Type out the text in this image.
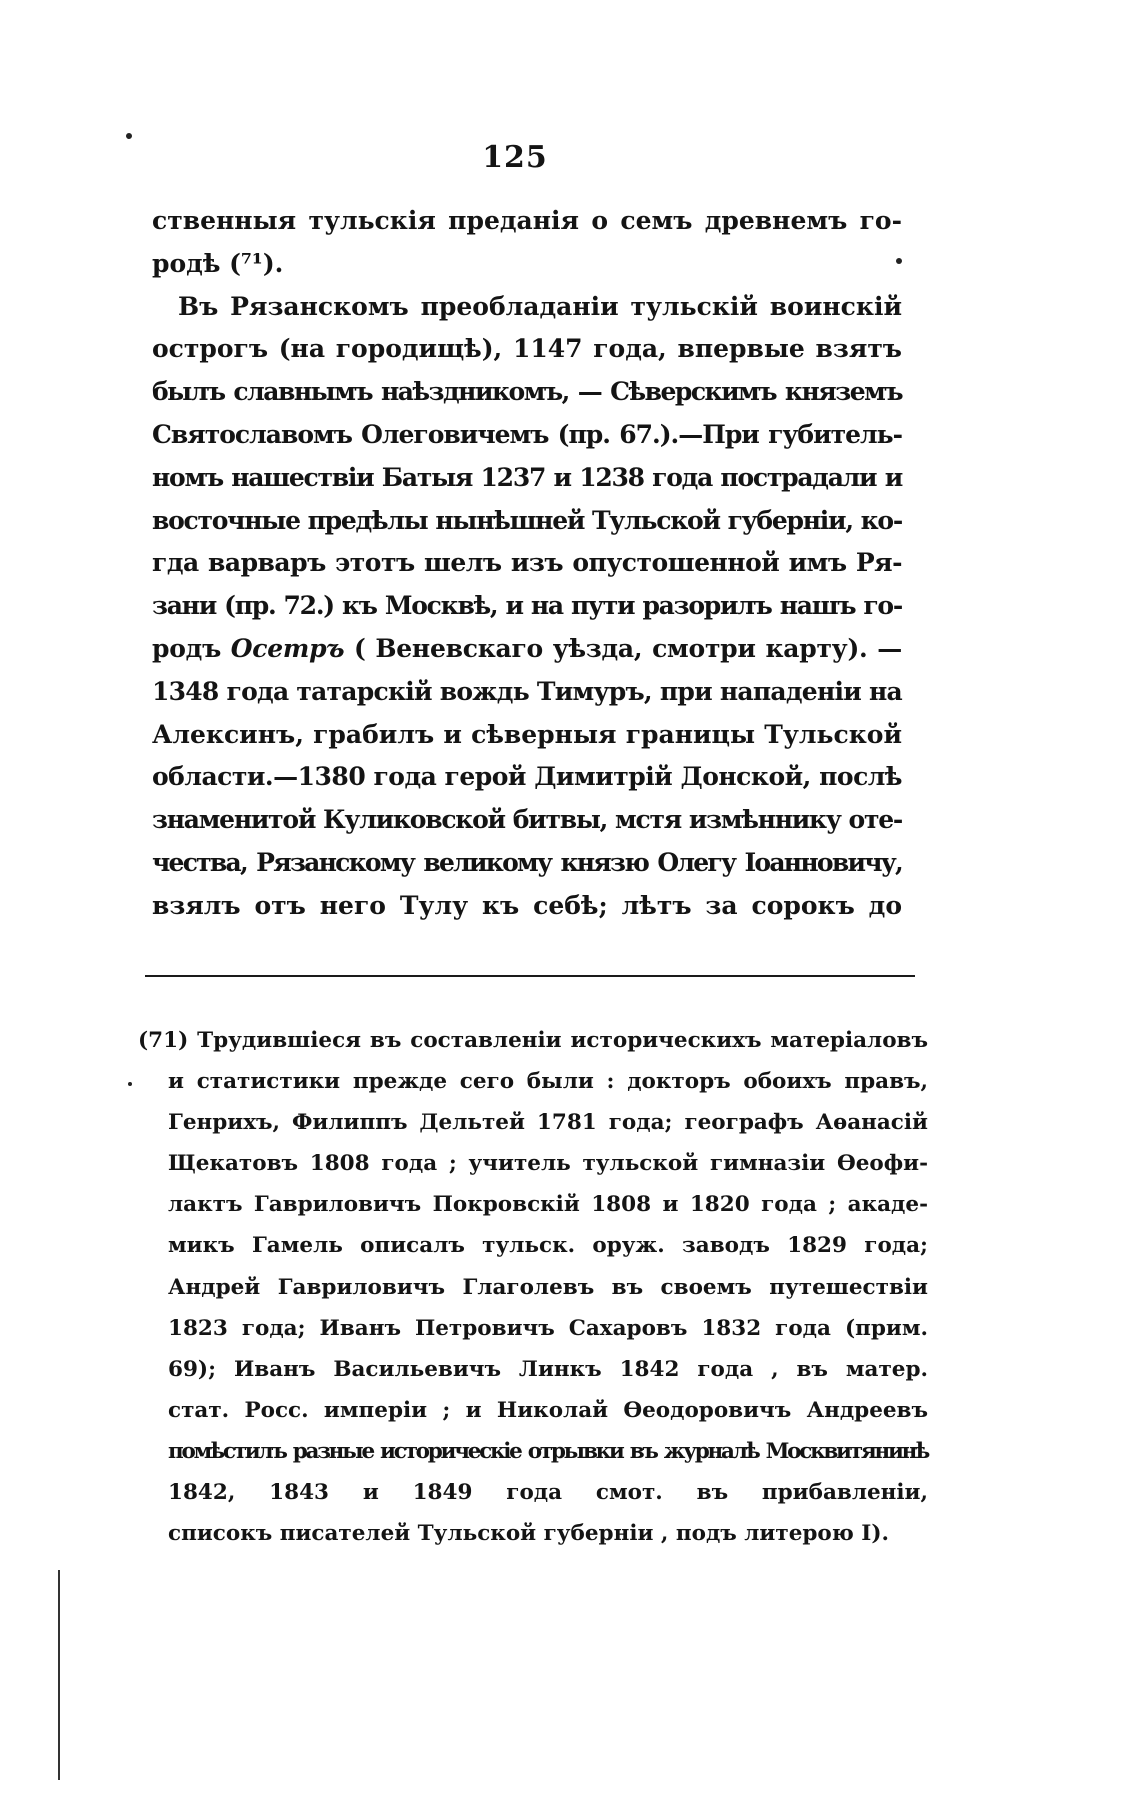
125
ственныя тульскія преданія о семъ древнемъ го-
родѣ (⁷¹).
Въ Рязанскомъ преобладаніи тульскій воинскій
острогъ (на городищѣ), 1147 года, впервые взятъ
былъ славнымъ наѣздникомъ, — Сѣверскимъ княземъ
Святославомъ Олеговичемъ (пр. 67.).—При губитель-
номъ нашествіи Батыя 1237 и 1238 года пострадали и
восточные предѣлы нынѣшней Тульской губерніи, ко-
гда варваръ этотъ шелъ изъ опустошенной имъ Ря-
зани (пр. 72.) къ Москвѣ, и на пути разорилъ нашъ го-
родъ Осетръ ( Веневскаго уѣзда, смотри карту). —
1348 года татарскій вождь Тимуръ, при нападеніи на
Алексинъ, грабилъ и сѣверныя границы Тульской
области.—1380 года герой Димитрій Донской, послѣ
знаменитой Куликовской битвы, мстя измѣннику оте-
чества, Рязанскому великому князю Олегу Іоанновичу,
взялъ отъ него Тулу къ себѣ; лѣтъ за сорокъ до
(71) Трудившіеся въ составленіи историческихъ матеріаловъ
и статистики прежде сего были : докторъ обоихъ правъ,
Генрихъ, Филиппъ Дельтей 1781 года; географъ Аѳанасій
Щекатовъ 1808 года ; учитель тульской гимназіи Ѳеофи-
лактъ Гавриловичъ Покровскій 1808 и 1820 года ; акаде-
микъ Гамель описалъ тульск. оруж. заводъ 1829 года;
Андрей Гавриловичъ Глаголевъ въ своемъ путешествіи
1823 года; Иванъ Петровичъ Сахаровъ 1832 года (прим.
69); Иванъ Васильевичъ Линкъ 1842 года , въ матер.
стат. Росс. имперіи ; и Николай Ѳеодоровичъ Андреевъ
помѣстилъ разные историческіе отрывки въ журналѣ Москвитянинѣ
1842, 1843 и 1849 года смот. въ прибавленіи,
списокъ писателей Тульской губерніи , подъ литерою І).
